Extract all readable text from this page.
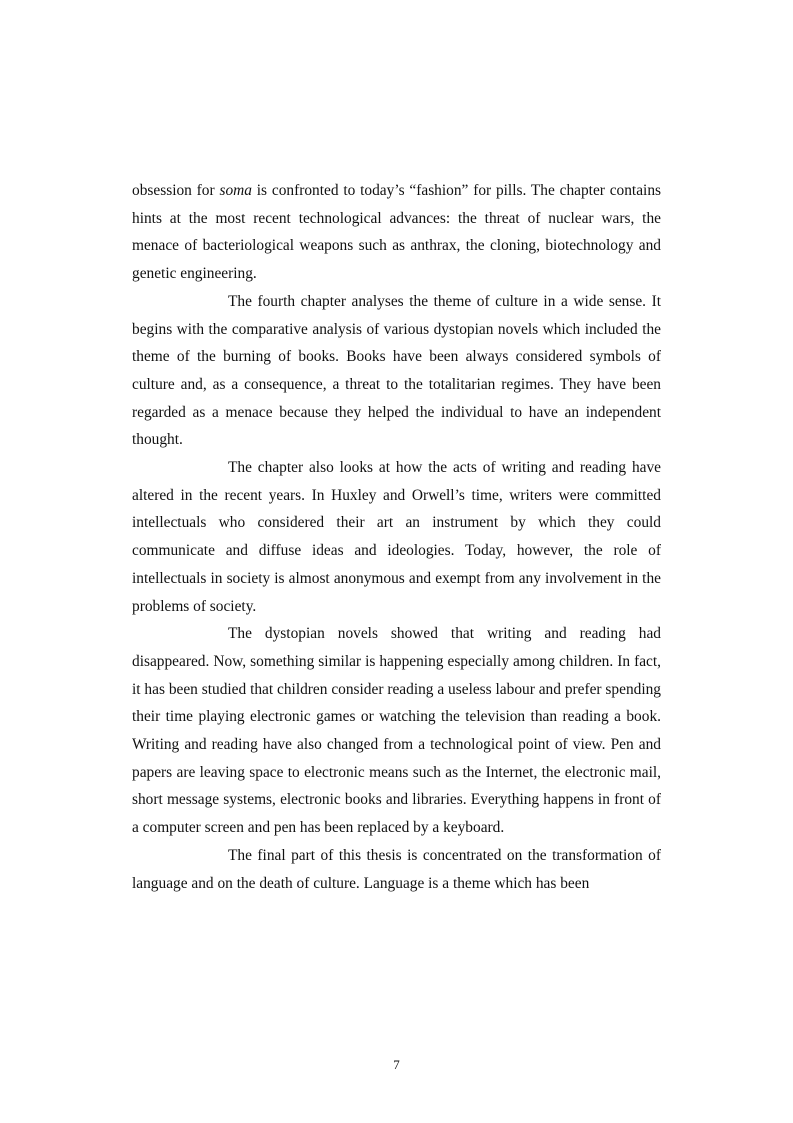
obsession for soma is confronted to today’s “fashion” for pills. The chapter contains hints at the most recent technological advances: the threat of nuclear wars, the menace of bacteriological weapons such as anthrax, the cloning, biotechnology and genetic engineering.

The fourth chapter analyses the theme of culture in a wide sense. It begins with the comparative analysis of various dystopian novels which included the theme of the burning of books. Books have been always considered symbols of culture and, as a consequence, a threat to the totalitarian regimes. They have been regarded as a menace because they helped the individual to have an independent thought.

The chapter also looks at how the acts of writing and reading have altered in the recent years. In Huxley and Orwell’s time, writers were committed intellectuals who considered their art an instrument by which they could communicate and diffuse ideas and ideologies. Today, however, the role of intellectuals in society is almost anonymous and exempt from any involvement in the problems of society.

The dystopian novels showed that writing and reading had disappeared. Now, something similar is happening especially among children. In fact, it has been studied that children consider reading a useless labour and prefer spending their time playing electronic games or watching the television than reading a book. Writing and reading have also changed from a technological point of view. Pen and papers are leaving space to electronic means such as the Internet, the electronic mail, short message systems, electronic books and libraries. Everything happens in front of a computer screen and pen has been replaced by a keyboard.

The final part of this thesis is concentrated on the transformation of language and on the death of culture. Language is a theme which has been

7
